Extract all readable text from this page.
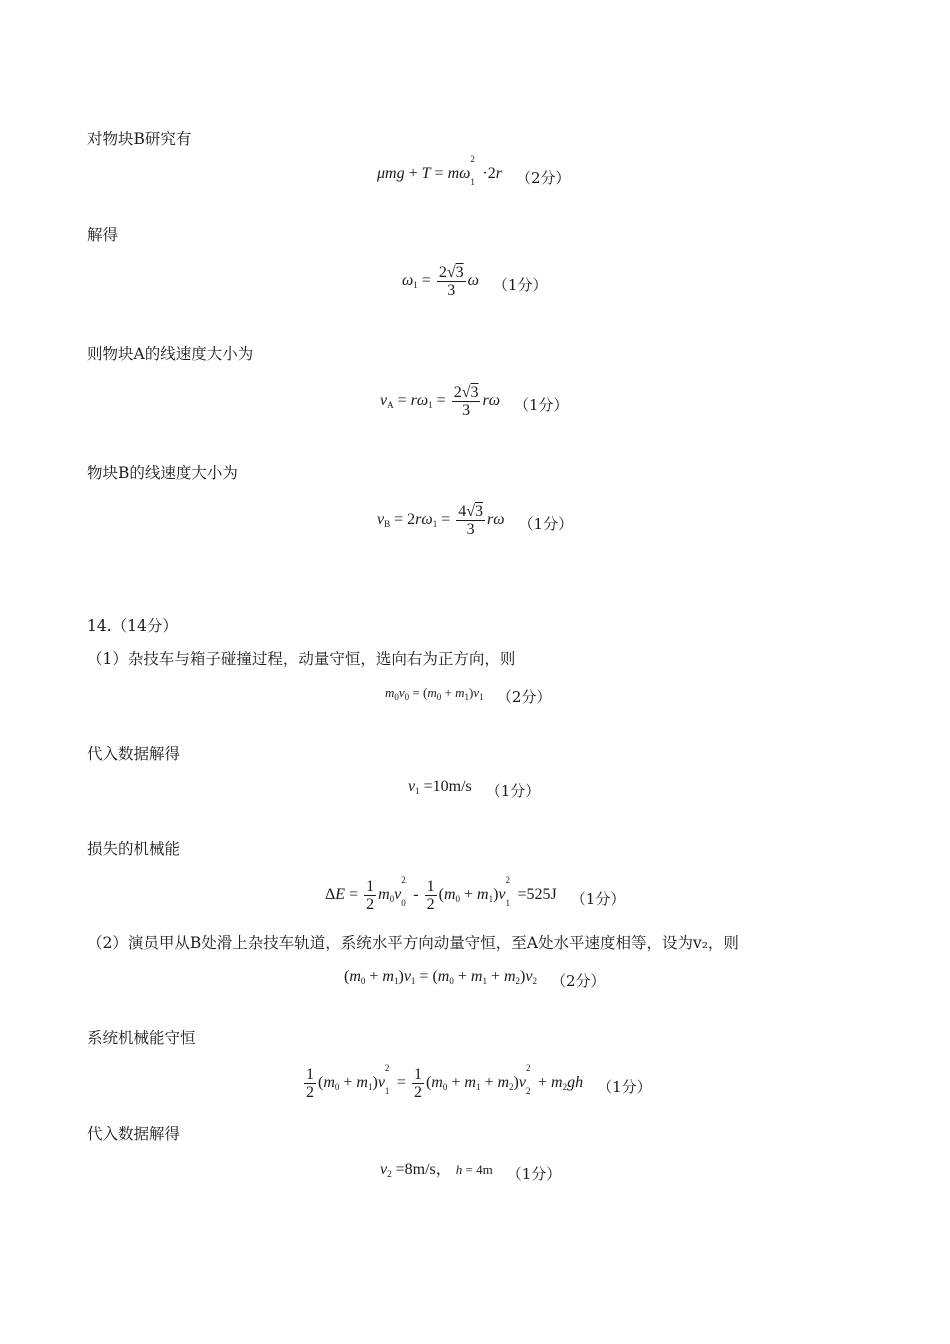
对物块B研究有
μmg + T = mω
2
1 ·2r （2分）
解得
$\omega_1 = \frac{2√3}{3}$ ω （1分）
则物块A的线速度大小为
$v_A = r\omega_1 = \frac{2√3}{3}$ rω （1分）
物块B的线速度大小为
$v_B = 2r\omega_1 = \frac{4√3}{3}$ rω （1分）
14.（14分）
（1）杂技车与箱子碰撞过程，动量守恒，选向右为正方向，则
$m_0v_0 = (m_0 + m_1)v_1$ （2分）
代入数据解得
$v_1 =10m/s$ （1分）
损失的机械能
$\Delta E = \frac{1}{2} m_0v$
2
$0 - \frac{1}{2} (m_0 + m_1)v$
2
1 =525J （1分）
（2）演员甲从B处滑上杂技车轨道，系统水平方向动量守恒，至A处水平速度相等，设为v₂，则
$(m_0 + m_1)v_1 = (m_0 + m_1 + m_2)v_2$ （2分）
系统机械能守恒
$\frac{1}{2} (m_0 + m_1)v$
2
$1 = \frac{1}{2} (m_0 + m_1 + m_2)v$
2
$2 + m_2gh$ （1分）
代入数据解得
$v_2 =8m/s$， h = 4m （1分）
